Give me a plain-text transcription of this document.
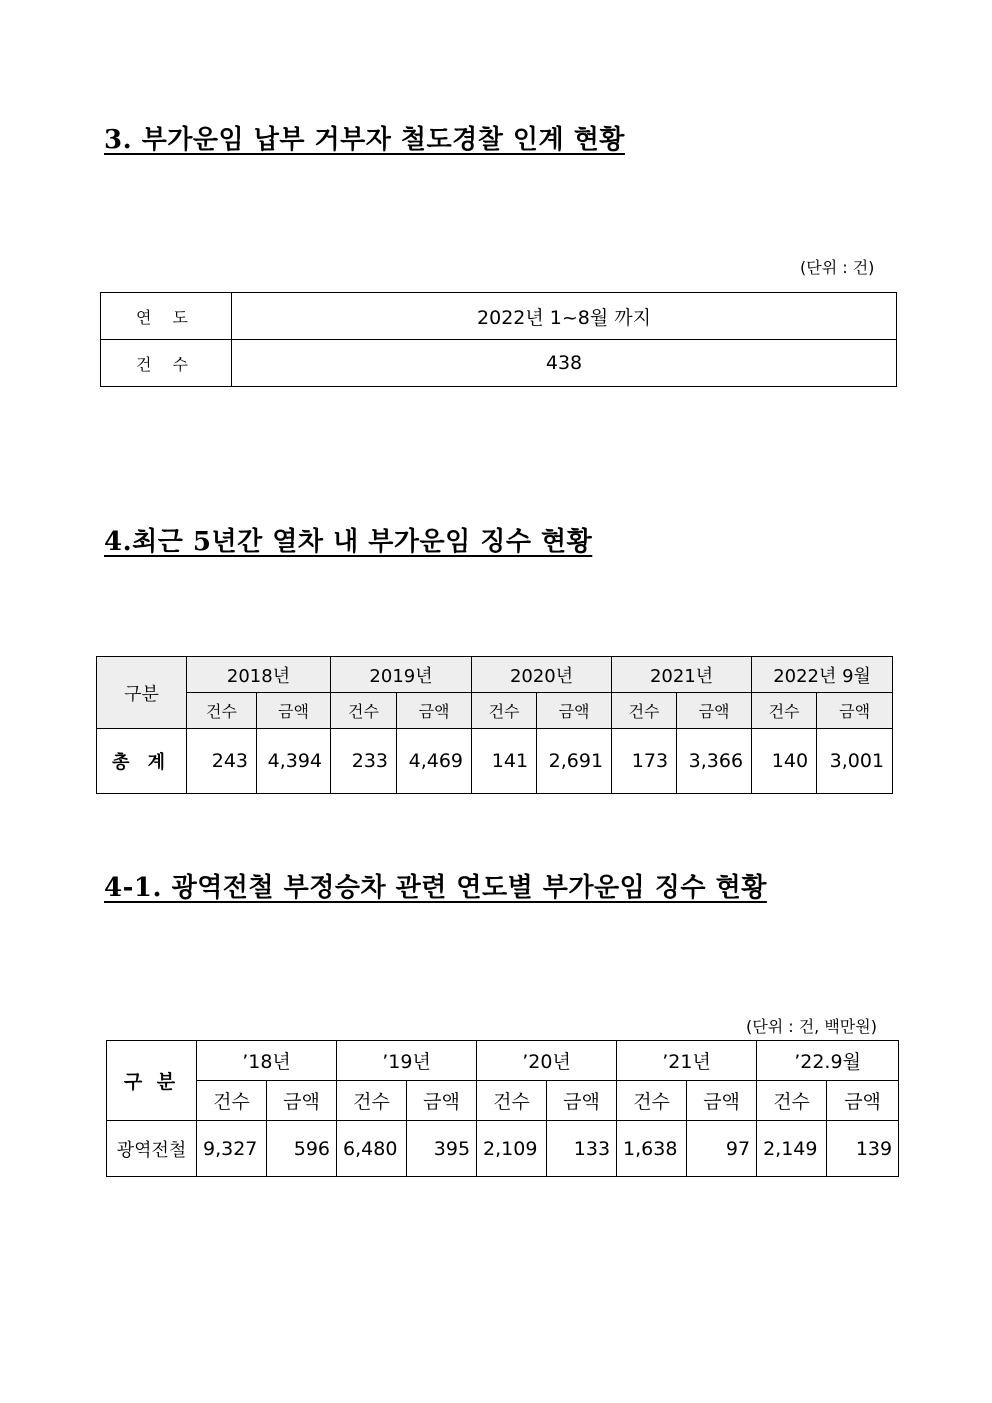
3. 부가운임 납부 거부자 철도경찰 인계 현황
(단위 : 건)
연 도	2022년 1~8월 까지
건 수	438
4.최근 5년간 열차 내 부가운임 징수 현황
구분	2018년		2019년		2020년		2021년		2022년 9월	
	건수	금액	건수	금액	건수	금액	건수	금액	건수	금액
총 계	243	4,394	233	4,469	141	2,691	173	3,366	140	3,001
4-1. 광역전철 부정승차 관련 연도별 부가운임 징수 현황
(단위 : 건, 백만원)
구 분	’18년		’19년		’20년		’21년		’22.9월	
	건수	금액	건수	금액	건수	금액	건수	금액	건수	금액
광역전철	9,327	596	6,480	395	2,109	133	1,638	97	2,149	139
